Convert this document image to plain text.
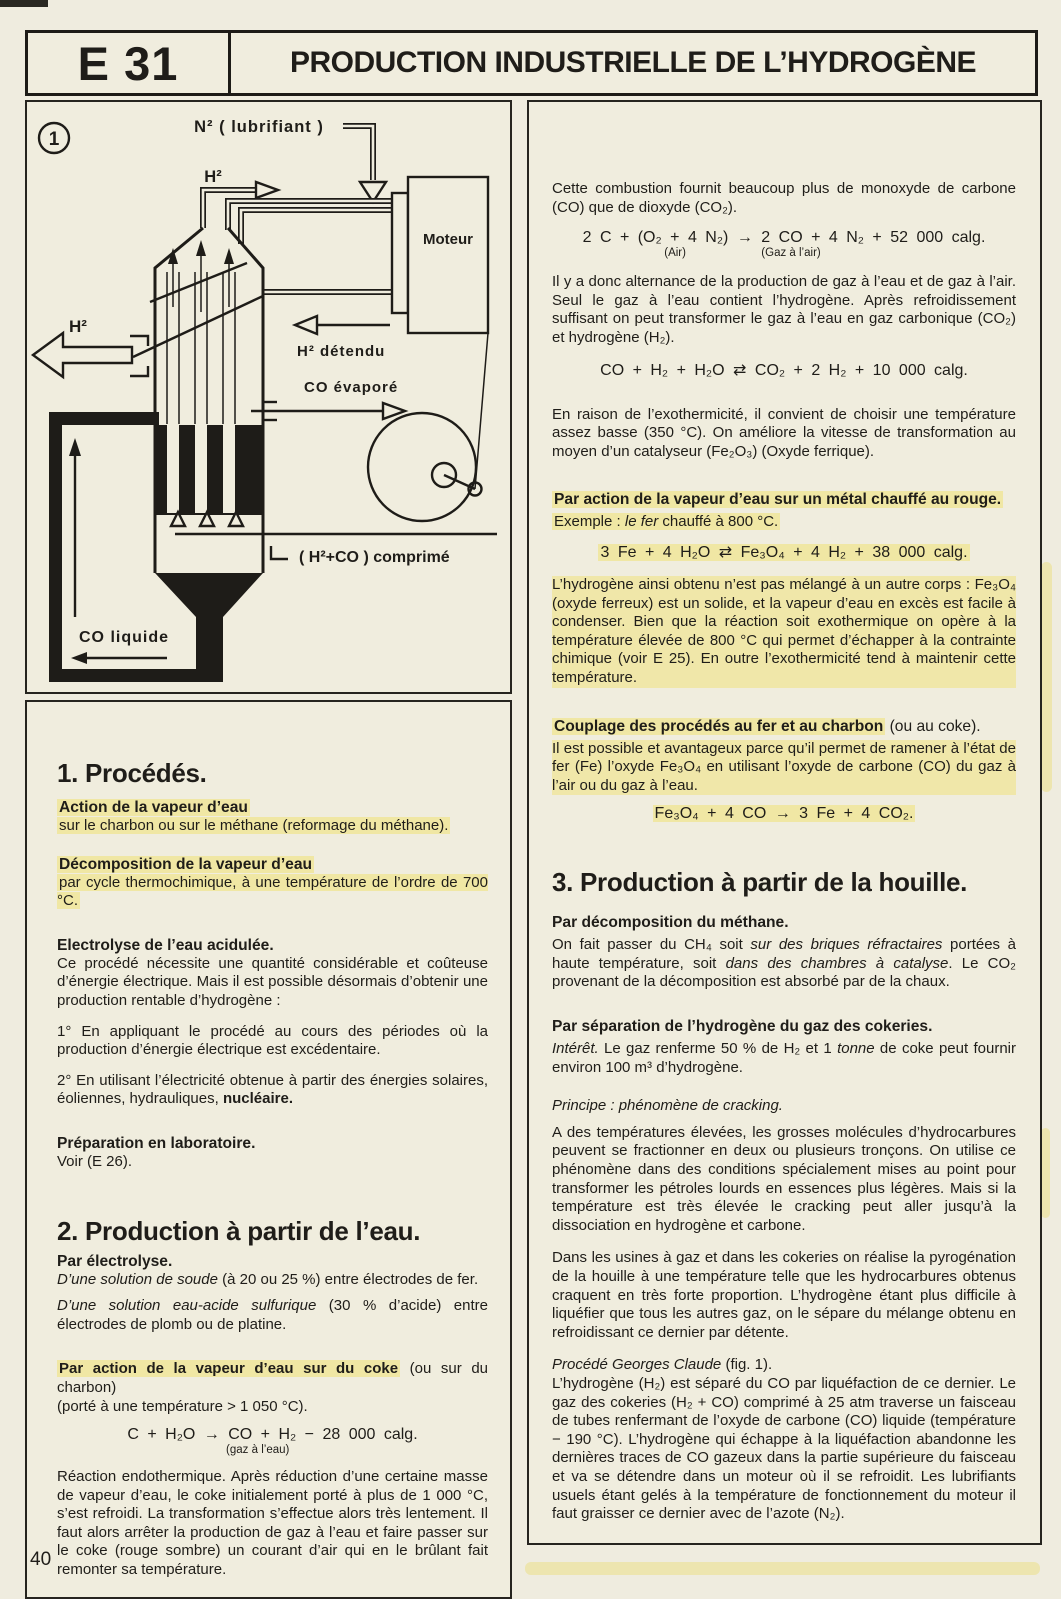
E 31	PRODUCTION INDUSTRIELLE DE L’HYDROGÈNE
1
N² ( lubrifiant )
H²
Moteur
H² détendu
CO évaporé
H²
( H²+CO ) comprimé
CO liquide
1. Procédés.

Action de la vapeur d’eau

sur le charbon ou sur le méthane (reformage du méthane).

Décomposition de la vapeur d’eau

par cycle thermochimique, à une température de l’ordre de 700 °C.

Electrolyse de l’eau acidulée.

Ce procédé nécessite une quantité considérable et coûteuse d’énergie électrique. Mais il est possible désormais d’obtenir une production rentable d’hydrogène :

1° En appliquant le procédé au cours des périodes où la production d’énergie électrique est excédentaire.

2° En utilisant l’électricité obtenue à partir des énergies solaires, éoliennes, hydrauliques, nucléaire.

Préparation en laboratoire.

Voir (E 26).

2. Production à partir de l’eau.

Par électrolyse.

D’une solution de soude (à 20 ou 25 %) entre électrodes de fer.

D’une solution eau-acide sulfurique (30 % d’acide) entre électrodes de plomb ou de platine.

Par action de la vapeur d’eau sur du coke (ou sur du charbon)

(porté à une température > 1 050 °C).

C + H₂O → CO + H₂ − 28 000 calg.
(gaz à l’eau)

Réaction endothermique. Après réduction d’une certaine masse de vapeur d’eau, le coke initialement porté à plus de 1 000 °C, s’est refroidi. La transformation s’effectue alors très lentement. Il faut alors arrêter la production de gaz à l’eau et faire passer sur le coke (rouge sombre) un courant d’air qui en le brûlant fait remonter sa température.

Cette combustion fournit beaucoup plus de monoxyde de carbone (CO) que de dioxyde (CO₂).

2 C + (O₂ + 4 N₂)
(Air)
→ 2 CO + 4 N₂ + 52 000 calg.
(Gaz à l’air)

Il y a donc alternance de la production de gaz à l’eau et de gaz à l’air. Seul le gaz à l’eau contient l’hydrogène. Après refroidissement suffisant on peut transformer le gaz à l’eau en gaz carbonique (CO₂) et hydrogène (H₂).

CO + H₂ + H₂O ⇄ CO₂ + 2 H₂ + 10 000 calg.

En raison de l’exothermicité, il convient de choisir une température assez basse (350 °C). On améliore la vitesse de transformation au moyen d’un catalyseur (Fe₂O₃) (Oxyde ferrique).

Par action de la vapeur d’eau sur un métal chauffé au rouge.

Exemple : le fer chauffé à 800 °C.

3 Fe + 4 H₂O ⇄ Fe₃O₄ + 4 H₂ + 38 000 calg.

L’hydrogène ainsi obtenu n’est pas mélangé à un autre corps : Fe₃O₄ (oxyde ferreux) est un solide, et la vapeur d’eau en excès est facile à condenser. Bien que la réaction soit exothermique on opère à la température élevée de 800 °C qui permet d’échapper à la contrainte chimique (voir E 25). En outre l’exothermicité tend à maintenir cette température.

Couplage des procédés au fer et au charbon (ou au coke).

Il est possible et avantageux parce qu’il permet de ramener à l’état de fer (Fe) l’oxyde Fe₃O₄ en utilisant l’oxyde de carbone (CO) du gaz à l’air ou du gaz à l’eau.

Fe₃O₄ + 4 CO → 3 Fe + 4 CO₂.
3. Production à partir de la houille.

Par décomposition du méthane.

On fait passer du CH₄ soit sur des briques réfractaires portées à haute température, soit dans des chambres à catalyse. Le CO₂ provenant de la décomposition est absorbé par de la chaux.

Par séparation de l’hydrogène du gaz des cokeries.

Intérêt. Le gaz renferme 50 % de H₂ et 1 tonne de coke peut fournir environ 100 m³ d’hydrogène.

Principe : phénomène de cracking.

A des températures élevées, les grosses molécules d’hydrocarbures peuvent se fractionner en deux ou plusieurs tronçons. On utilise ce phénomène dans des conditions spécialement mises au point pour transformer les pétroles lourds en essences plus légères. Mais si la température est très élevée le cracking peut aller jusqu’à la dissociation en hydrogène et carbone.

Dans les usines à gaz et dans les cokeries on réalise la pyrogénation de la houille à une température telle que les hydrocarbures obtenus craquent en très forte proportion. L’hydrogène étant plus difficile à liquéfier que tous les autres gaz, on le sépare du mélange obtenu en refroidissant ce dernier par détente.

Procédé Georges Claude (fig. 1).

L’hydrogène (H₂) est séparé du CO par liquéfaction de ce dernier. Le gaz des cokeries (H₂ + CO) comprimé à 25 atm traverse un faisceau de tubes renfermant de l’oxyde de carbone (CO) liquide (température − 190 °C). L’hydrogène qui échappe à la liquéfaction abandonne les dernières traces de CO gazeux dans la partie supérieure du faisceau et va se détendre dans un moteur où il se refroidit. Les lubrifiants usuels étant gelés à la température de fonctionnement du moteur il faut graisser ce dernier avec de l’azote (N₂).

40
